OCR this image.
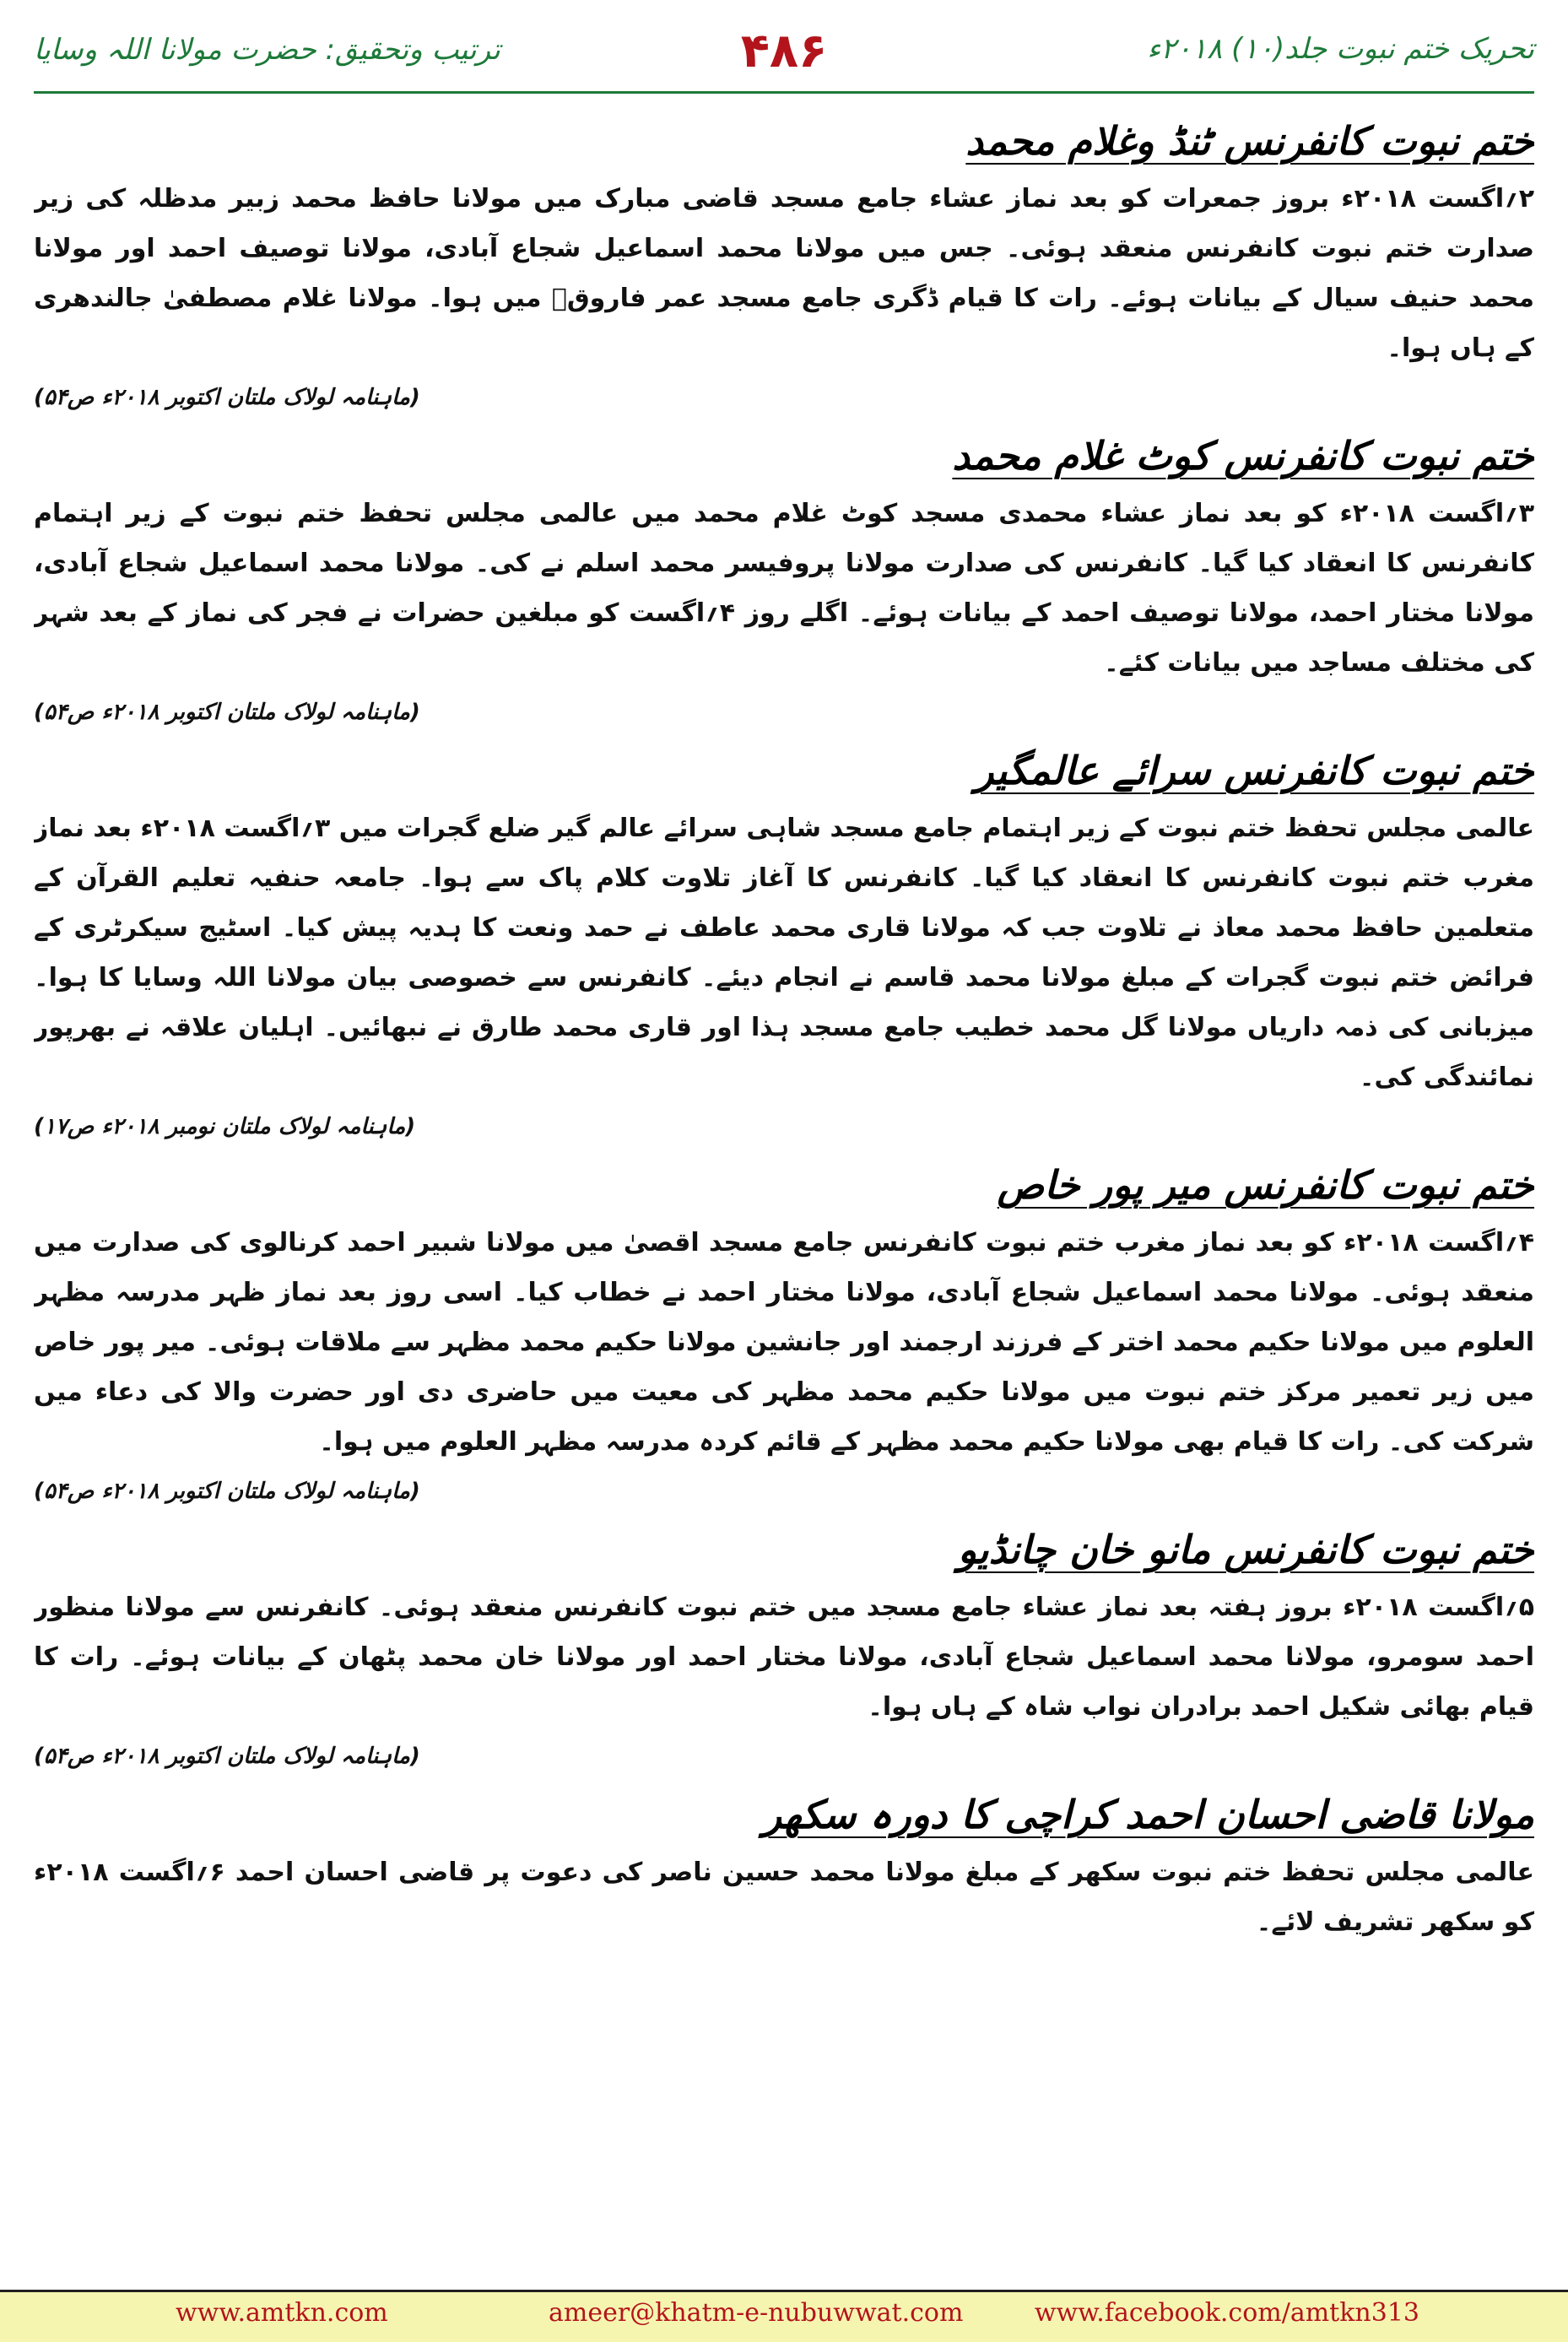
ترتیب وتحقیق: حضرت مولانا اللہ وسایا	۴۸۶	تحریک ختم نبوت جلد(۱۰) ۲۰۱۸ء
ختم نبوت کانفرنس ٹنڈ وغلام محمد

۲؍اگست ۲۰۱۸ء بروز جمعرات کو بعد نماز عشاء جامع مسجد قاضی مبارک میں مولانا حافظ محمد زبیر مدظلہ کی زیر صدارت ختم نبوت کانفرنس منعقد ہوئی۔ جس میں مولانا محمد اسماعیل شجاع آبادی، مولانا توصیف احمد اور مولانا محمد حنیف سیال کے بیانات ہوئے۔ رات کا قیام ڈگری جامع مسجد عمر فاروقؓ میں ہوا۔ مولانا غلام مصطفیٰ جالندھری کے ہاں ہوا۔

(ماہنامہ لولاک ملتان اکتوبر ۲۰۱۸ء ص۵۴)

ختم نبوت کانفرنس کوٹ غلام محمد

۳؍اگست ۲۰۱۸ء کو بعد نماز عشاء محمدی مسجد کوٹ غلام محمد میں عالمی مجلس تحفظ ختم نبوت کے زیر اہتمام کانفرنس کا انعقاد کیا گیا۔ کانفرنس کی صدارت مولانا پروفیسر محمد اسلم نے کی۔ مولانا محمد اسماعیل شجاع آبادی، مولانا مختار احمد، مولانا توصیف احمد کے بیانات ہوئے۔ اگلے روز ۴؍اگست کو مبلغین حضرات نے فجر کی نماز کے بعد شہر کی مختلف مساجد میں بیانات کئے۔

(ماہنامہ لولاک ملتان اکتوبر ۲۰۱۸ء ص۵۴)

ختم نبوت کانفرنس سرائے عالمگیر

عالمی مجلس تحفظ ختم نبوت کے زیر اہتمام جامع مسجد شاہی سرائے عالم گیر ضلع گجرات میں ۳؍اگست ۲۰۱۸ء بعد نماز مغرب ختم نبوت کانفرنس کا انعقاد کیا گیا۔ کانفرنس کا آغاز تلاوت کلام پاک سے ہوا۔ جامعہ حنفیہ تعلیم القرآن کے متعلمین حافظ محمد معاذ نے تلاوت جب کہ مولانا قاری محمد عاطف نے حمد ونعت کا ہدیہ پیش کیا۔ اسٹیج سیکرٹری کے فرائض ختم نبوت گجرات کے مبلغ مولانا محمد قاسم نے انجام دیئے۔ کانفرنس سے خصوصی بیان مولانا اللہ وسایا کا ہوا۔ میزبانی کی ذمہ داریاں مولانا گل محمد خطیب جامع مسجد ہذا اور قاری محمد طارق نے نبھائیں۔ اہلیان علاقہ نے بھرپور نمائندگی کی۔

(ماہنامہ لولاک ملتان نومبر ۲۰۱۸ء ص۱۷)

ختم نبوت کانفرنس میر پور خاص

۴؍اگست ۲۰۱۸ء کو بعد نماز مغرب ختم نبوت کانفرنس جامع مسجد اقصیٰ میں مولانا شبیر احمد کرنالوی کی صدارت میں منعقد ہوئی۔ مولانا محمد اسماعیل شجاع آبادی، مولانا مختار احمد نے خطاب کیا۔ اسی روز بعد نماز ظہر مدرسہ مظہر العلوم میں مولانا حکیم محمد اختر کے فرزند ارجمند اور جانشین مولانا حکیم محمد مظہر سے ملاقات ہوئی۔ میر پور خاص میں زیر تعمیر مرکز ختم نبوت میں مولانا حکیم محمد مظہر کی معیت میں حاضری دی اور حضرت والا کی دعاء میں شرکت کی۔ رات کا قیام بھی مولانا حکیم محمد مظہر کے قائم کردہ مدرسہ مظہر العلوم میں ہوا۔

(ماہنامہ لولاک ملتان اکتوبر ۲۰۱۸ء ص۵۴)

ختم نبوت کانفرنس مانو خان چانڈیو

۵؍اگست ۲۰۱۸ء بروز ہفتہ بعد نماز عشاء جامع مسجد میں ختم نبوت کانفرنس منعقد ہوئی۔ کانفرنس سے مولانا منظور احمد سومرو، مولانا محمد اسماعیل شجاع آبادی، مولانا مختار احمد اور مولانا خان محمد پٹھان کے بیانات ہوئے۔ رات کا قیام بھائی شکیل احمد برادران نواب شاہ کے ہاں ہوا۔

(ماہنامہ لولاک ملتان اکتوبر ۲۰۱۸ء ص۵۴)

مولانا قاضی احسان احمد کراچی کا دورہ سکھر

عالمی مجلس تحفظ ختم نبوت سکھر کے مبلغ مولانا محمد حسین ناصر کی دعوت پر قاضی احسان احمد ۶؍اگست ۲۰۱۸ء کو سکھر تشریف لائے۔

www.amtkn.com	ameer@khatm-e-nubuwwat.com	www.facebook.com/amtkn313
